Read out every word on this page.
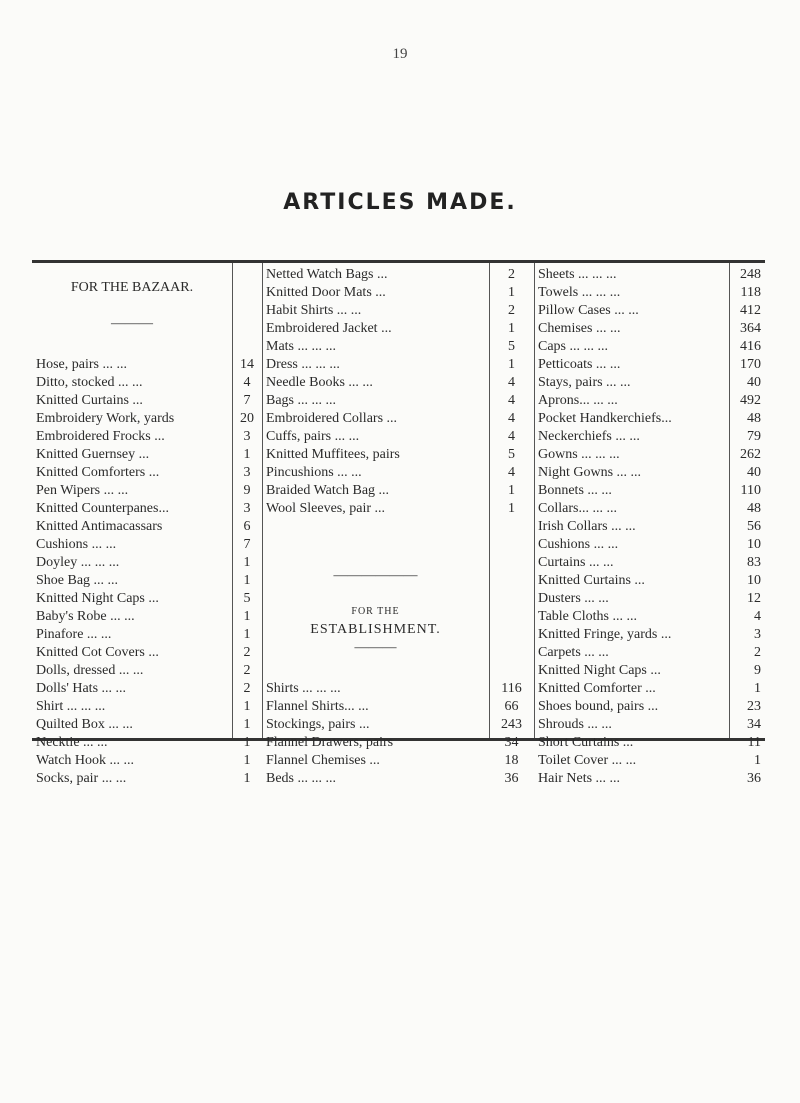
19
ARTICLES MADE.
FOR THE BAZAAR.
———
Hose, pairs ... ...
Ditto, stocked ... ...
Knitted Curtains ...
Embroidery Work, yards
Embroidered Frocks ...
Knitted Guernsey ...
Knitted Comforters ...
Pen Wipers ... ...
Knitted Counterpanes...
Knitted Antimacassars
Cushions ... ...
Doyley ... ... ...
Shoe Bag ... ...
Knitted Night Caps ...
Baby's Robe ... ...
Pinafore ... ...
Knitted Cot Covers ...
Dolls, dressed ... ...
Dolls' Hats ... ...
Shirt ... ... ...
Quilted Box ... ...
Necktie ... ...
Watch Hook ... ...
Socks, pair ... ...
14
4
7
20
3
1
3
9
3
6
7
1
1
5
1
1
2
2
2
1
1
1
1
1
——————
FOR THE
ESTABLISHMENT.
———
Netted Watch Bags ...
Knitted Door Mats ...
Habit Shirts ... ...
Embroidered Jacket ...
Mats ... ... ...
Dress ... ... ...
Needle Books ... ...
Bags ... ... ...
Embroidered Collars ...
Cuffs, pairs ... ...
Knitted Muffitees, pairs
Pincushions ... ...
Braided Watch Bag ...
Wool Sleeves, pair ...
Shirts ... ... ...
Flannel Shirts... ...
Stockings, pairs ...
Flannel Drawers, pairs
Flannel Chemises ...
Beds ... ... ...
2
1
2
1
5
1
4
4
4
4
5
4
1
1
116
66
243
34
18
36
Sheets ... ... ...
Towels ... ... ...
Pillow Cases ... ...
Chemises ... ...
Caps ... ... ...
Petticoats ... ...
Stays, pairs ... ...
Aprons... ... ...
Pocket Handkerchiefs...
Neckerchiefs ... ...
Gowns ... ... ...
Night Gowns ... ...
Bonnets ... ...
Collars... ... ...
Irish Collars ... ...
Cushions ... ...
Curtains ... ...
Knitted Curtains ...
Dusters ... ...
Table Cloths ... ...
Knitted Fringe, yards ...
Carpets ... ...
Knitted Night Caps ...
Knitted Comforter ...
Shoes bound, pairs ...
Shrouds ... ...
Short Curtains ...
Toilet Cover ... ...
Hair Nets ... ...
248
118
412
364
416
170
40
492
48
79
262
40
110
48
56
10
83
10
12
4
3
2
9
1
23
34
11
1
36
